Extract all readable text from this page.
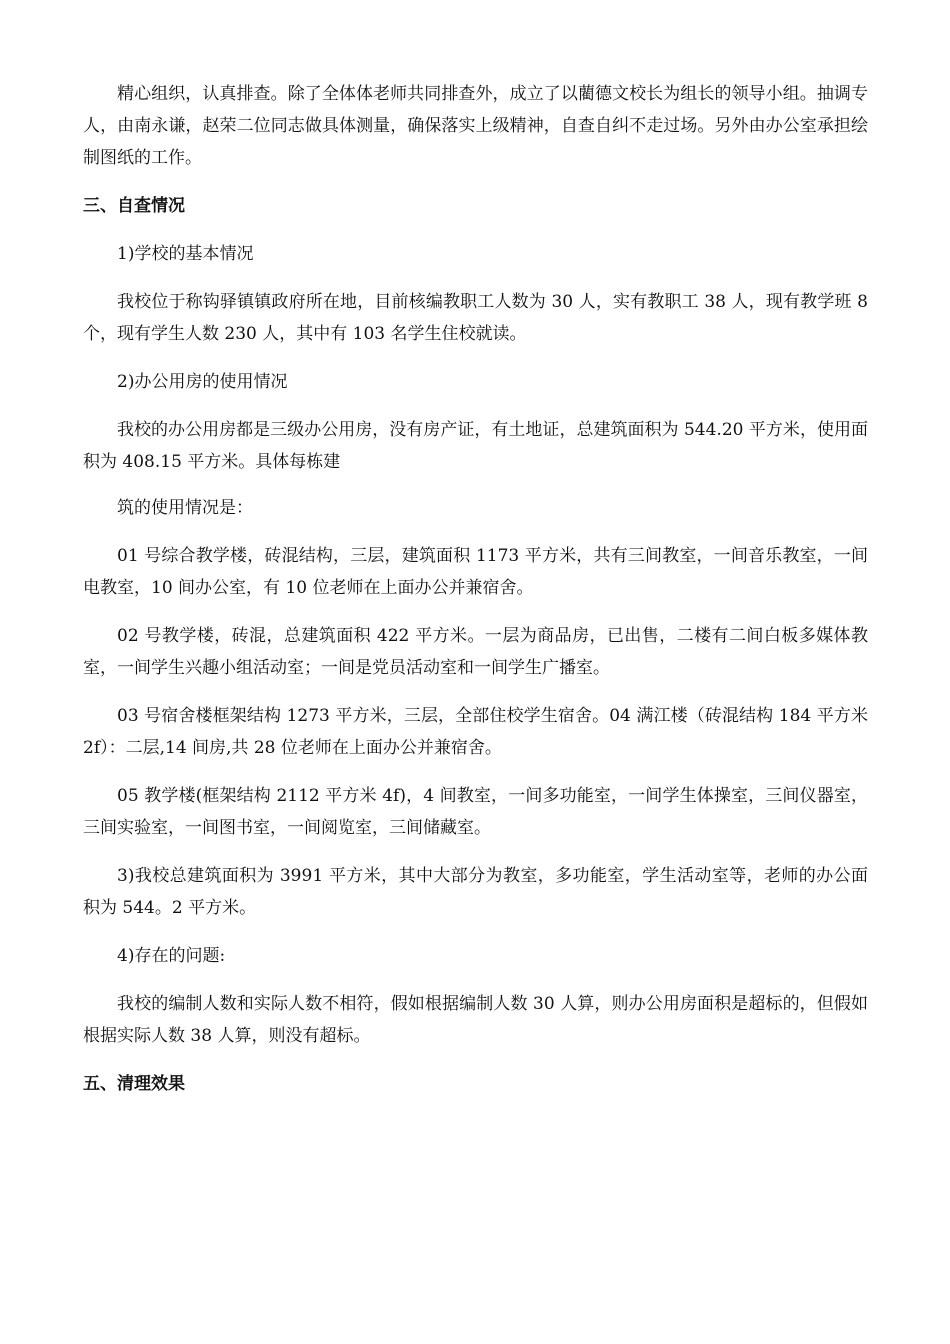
精心组织，认真排查。除了全体体老师共同排查外，成立了以藺德文校长为组长的领导小组。抽调专人，由南永谦，赵荣二位同志做具体测量，确保落实上级精神，自查自纠不走过场。另外由办公室承担绘制图纸的工作。

三、自查情况

1)学校的基本情况

我校位于称钩驿镇镇政府所在地，目前核编教职工人数为 30 人，实有教职工 38 人，现有教学班 8 个，现有学生人数 230 人，其中有 103 名学生住校就读。

2)办公用房的使用情况

我校的办公用房都是三级办公用房，没有房产证，有土地证，总建筑面积为 544.20 平方米，使用面积为 408.15 平方米。具体每栋建

筑的使用情况是：

01 号综合教学楼，砖混结构，三层，建筑面积 1173 平方米，共有三间教室，一间音乐教室，一间电教室，10 间办公室，有 10 位老师在上面办公并兼宿舍。

02 号教学楼，砖混，总建筑面积 422 平方米。一层为商品房，已出售，二楼有二间白板多媒体教室，一间学生兴趣小组活动室；一间是党员活动室和一间学生广播室。

03 号宿舍楼框架结构 1273 平方米，三层，全部住校学生宿舍。04 满江楼（砖混结构 184 平方米 2f）：二层,14 间房,共 28 位老师在上面办公并兼宿舍。

05 教学楼(框架结构 2112 平方米 4f)，4 间教室，一间多功能室，一间学生体操室，三间仪器室，三间实验室，一间图书室，一间阅览室，三间储藏室。

3)我校总建筑面积为 3991 平方米，其中大部分为教室，多功能室，学生活动室等，老师的办公面积为 544。2 平方米。

4)存在的问题:

我校的编制人数和实际人数不相符，假如根据编制人数 30 人算，则办公用房面积是超标的，但假如根据实际人数 38 人算，则没有超标。

五、清理效果
